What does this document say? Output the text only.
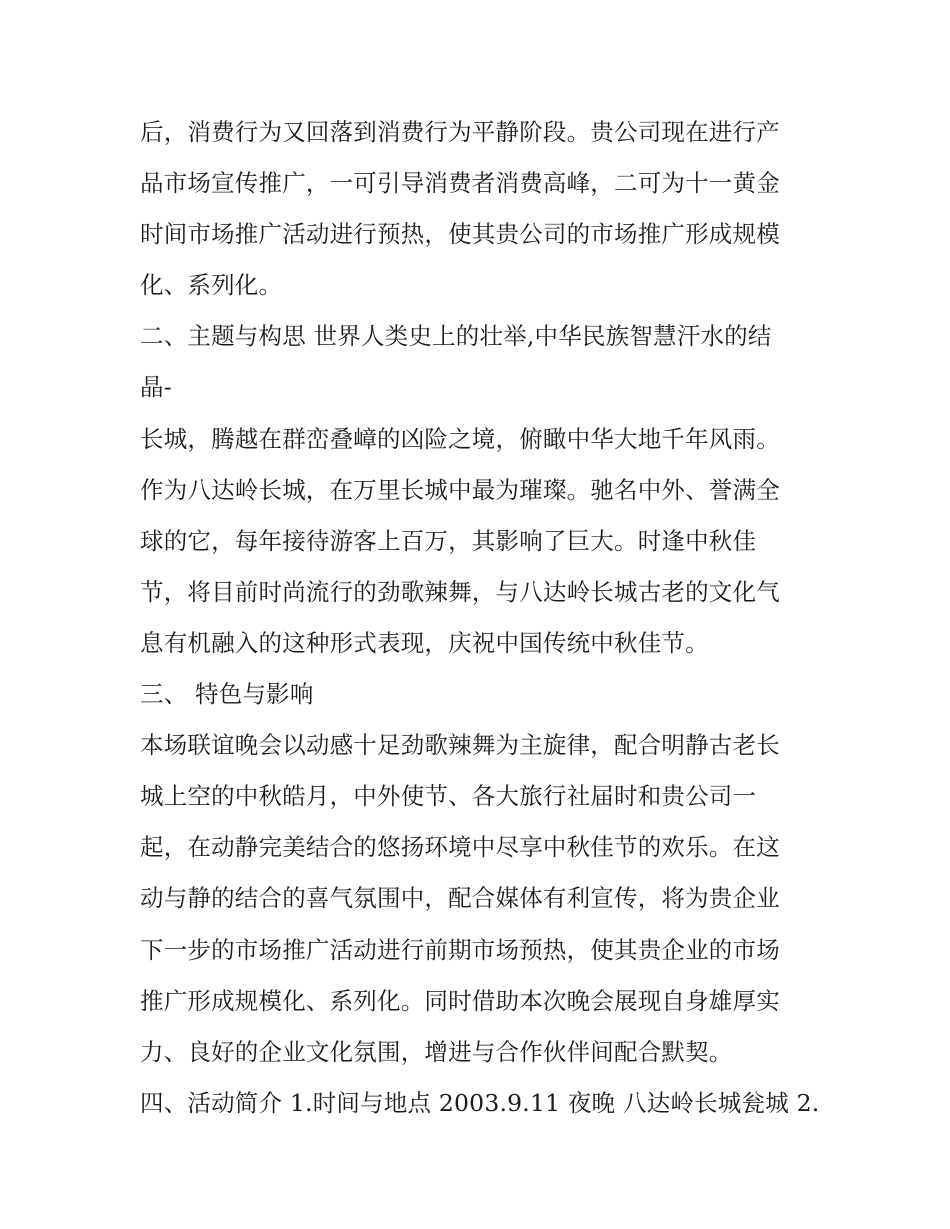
后，消费行为又回落到消费行为平静阶段。贵公司现在进行产
品市场宣传推广，一可引导消费者消费高峰，二可为十一黄金
时间市场推广活动进行预热，使其贵公司的市场推广形成规模
化、系列化。
二、主题与构思 世界人类史上的壮举,中华民族智慧汗水的结
晶-
长城，腾越在群峦叠嶂的凶险之境，俯瞰中华大地千年风雨。
作为八达岭长城，在万里长城中最为璀璨。驰名中外、誉满全
球的它，每年接待游客上百万，其影响了巨大。时逢中秋佳
节，将目前时尚流行的劲歌辣舞，与八达岭长城古老的文化气
息有机融入的这种形式表现，庆祝中国传统中秋佳节。
三、 特色与影响
本场联谊晚会以动感十足劲歌辣舞为主旋律，配合明静古老长
城上空的中秋皓月，中外使节、各大旅行社届时和贵公司一
起，在动静完美结合的悠扬环境中尽享中秋佳节的欢乐。在这
动与静的结合的喜气氛围中，配合媒体有利宣传，将为贵企业
下一步的市场推广活动进行前期市场预热，使其贵企业的市场
推广形成规模化、系列化。同时借助本次晚会展现自身雄厚实
力、良好的企业文化氛围，增进与合作伙伴间配合默契。
四、活动简介 1.时间与地点 2003.9.11 夜晚 八达岭长城瓮城 2.
